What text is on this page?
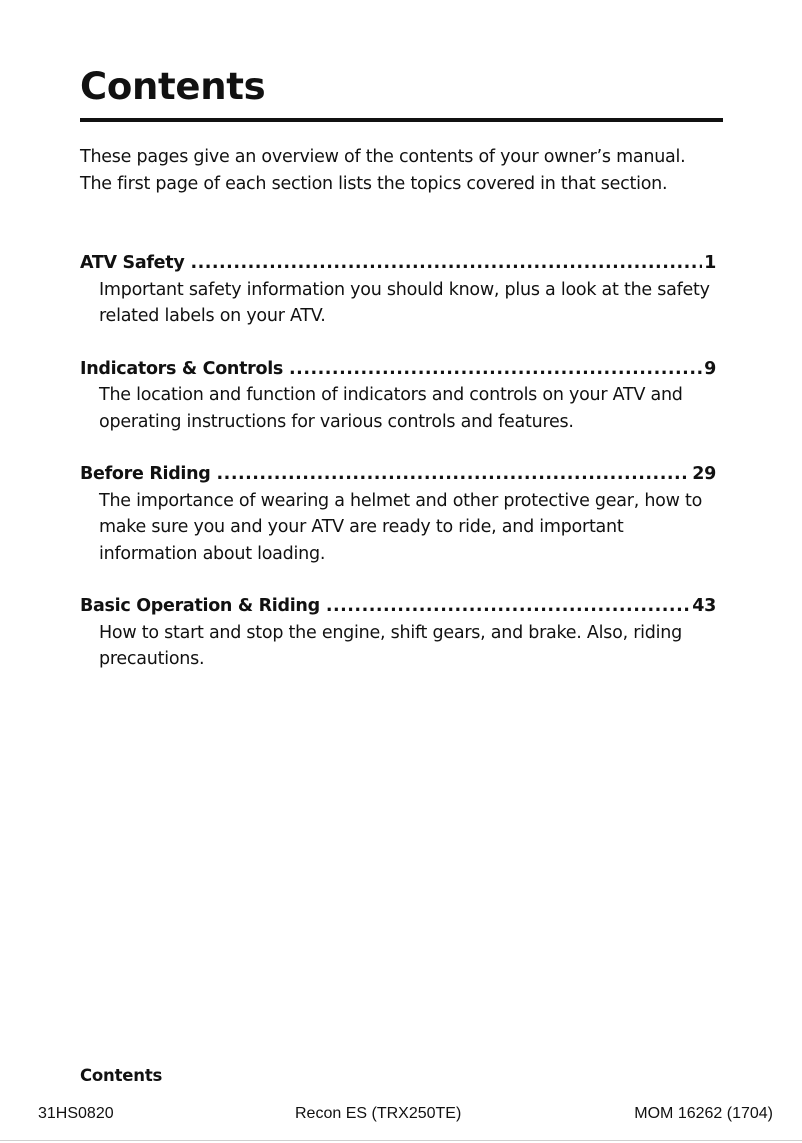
Contents

These pages give an overview of the contents of your owner’s manual.

The first page of each section lists the topics covered in that section.

ATV Safety .....	1

Important safety information you should know, plus a look at the safety related labels on your ATV.

Indicators & Controls .....	9

The location and function of indicators and controls on your ATV and operating instructions for various controls and features.

Before Riding .....	29

The importance of wearing a helmet and other protective gear, how to make sure you and your ATV are ready to ride, and important information about loading.

Basic Operation & Riding .....	43

How to start and stop the engine, shift gears, and brake. Also, riding precautions.

Contents
31HS0820	Recon ES (TRX250TE)	MOM 16262 (1704)
